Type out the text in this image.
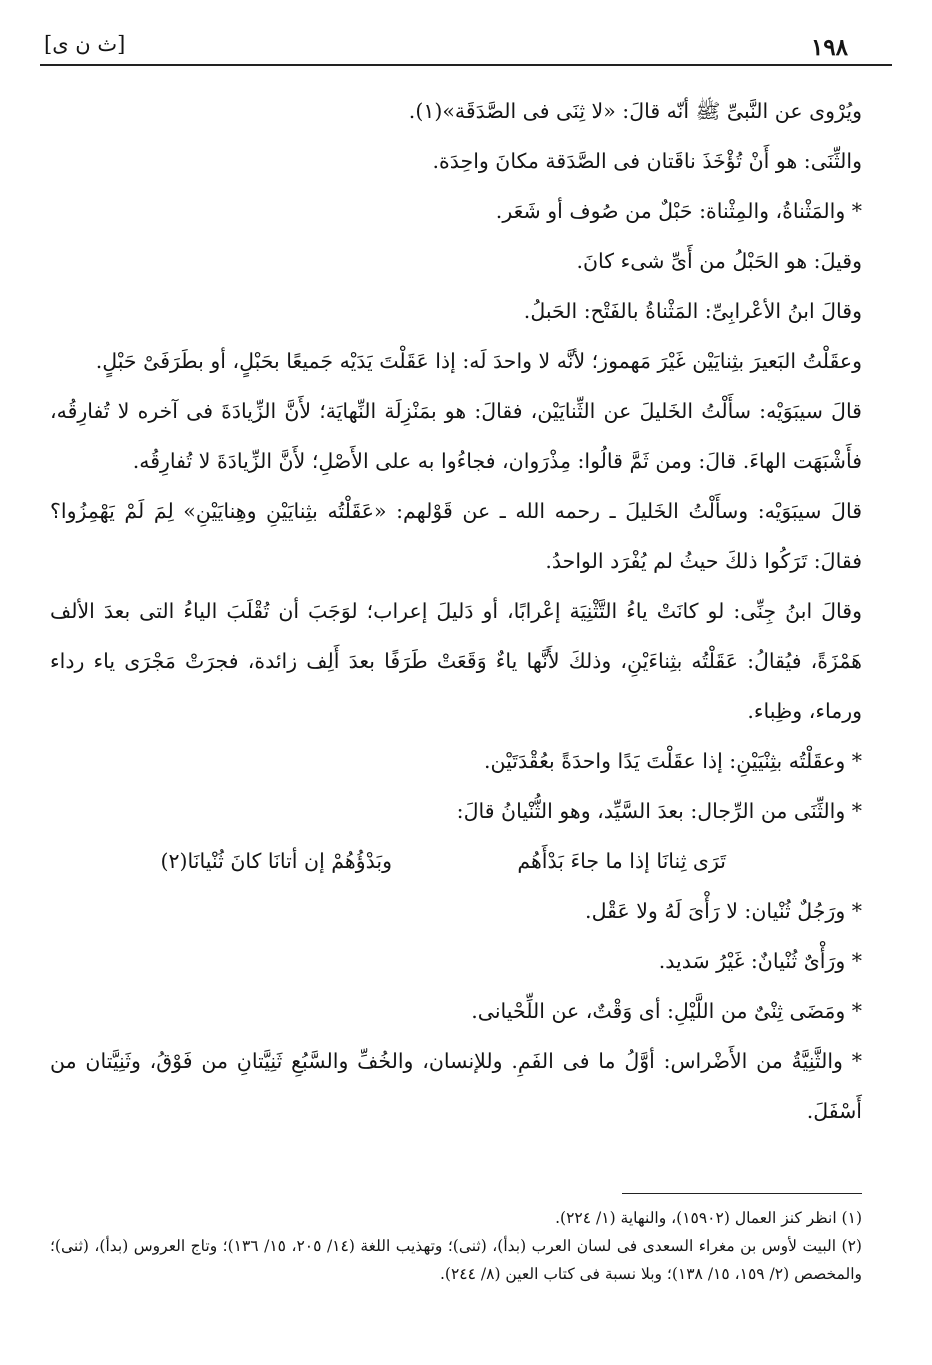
١٩٨
[ث ن ى]

ويُرْوى عن النَّبىِّ ﷺ أنّه قالَ: «لا ثِنَى فى الصَّدَقَة»(١).

والثِّنَى: هو أَنْ تُؤْخَذَ ناقَتان فى الصَّدَقة مكانَ واحِدَة.

* والمَثْناةُ، والمِثْناة: حَبْلٌ من صُوف أو شَعَر.

وقيلَ: هو الحَبْلُ من أَىِّ شىء كانَ.

وقالَ ابنُ الأعْرابِىِّ: المَثْناةُ بالفَتْح: الحَبلُ.

وعقَلْتُ البَعيرَ بثِنايَيْن غَيْرَ مَهموز؛ لأنَّه لا واحدَ لَه: إذا عَقَلْتَ يَدَيْه جَميعًا بحَبْلٍ، أو بطَرَفَىْ حَبْلٍ.

قالَ سيبَوَيْه: سأَلْتُ الخَليلَ عن الثِّنايَيْن، فقالَ: هو بمَنْزِلَة النِّهايَة؛ لأَنَّ الزِّيادَةَ فى آخره لا تُفارِقُه، فأَشْبَهَت الهاءَ. قالَ: ومن ثَمَّ قالُوا: مِذْرَوان، فجاءُوا به على الأَصْلِ؛ لأَنَّ الزِّيادَةَ لا تُفارِقُه.

قالَ سيبَوَيْه: وسأَلْتُ الخَليلَ ـ رحمه الله ـ عن قَوْلهم: «عَقَلْتُه بثِنايَيْنِ وهِنايَيْنِ» لِمَ لَمْ يَهْمِزُوا؟ فقالَ: تَرَكُوا ذلكَ حيثُ لم يُفْرَد الواحدُ.

وقالَ ابنُ جِنِّى: لو كانَتْ ياءُ التَّثْنِيَة إعْرابًا، أو دَليلَ إعراب؛ لوَجَبَ أن تُقْلَبَ الياءُ التى بعدَ الألف هَمْزَةً، فيُقالُ: عَقَلْتُه بثِناءَيْنِ، وذلكَ لأَنَّها ياءٌ وَقَعَتْ طَرَفًا بعدَ أَلِف زائدة، فجرَتْ مَجْرَى ياء رداء ورماء، وظِباء.

* وعقَلْتُه بثِنْيَيْنِ: إذا عقَلْتَ يَدًا واحدَةً بعُقْدَتَيْن.

* والثِّنَى من الرِّجال: بعدَ السَّيِّد، وهو الثُّنْيانُ قالَ:

تَرَى ثِنانَا إذا ما جاءَ بَدْأَهُم
وبَدْؤُهُمْ إن أتانَا كانَ ثُنْيانَا(٢)

* ورَجُلٌ ثُنْيان: لا رَأْىَ لَهُ ولا عَقْل.

* ورَأْىٌ ثُنْيانٌ: غَيْرُ سَديد.

* ومَضَى ثِنْىٌ من اللَّيْلِ: أى وَقْتٌ، عن اللِّحْيانى.

* والثَّنِيَّةُ من الأَضْراس: أوَّلُ ما فى الفَمِ. وللإنسان، والخُفِّ والسَّبُعِ ثَنِيَّتانِ من فَوْقُ، وثَنِيَّتان من أَسْفَلَ.

(١) انظر كنز العمال (١٥٩٠٢)، والنهاية (١/ ٢٢٤).

(٢) البيت لأوس بن مغراء السعدى فى لسان العرب (بدأ)، (ثنى)؛ وتهذيب اللغة (١٤/ ٢٠٥، ١٥/ ١٣٦)؛ وتاج العروس (بدأ)، (ثنى)؛ والمخصص (٢/ ١٥٩، ١٥/ ١٣٨)؛ وبلا نسبة فى كتاب العين (٨/ ٢٤٤).
